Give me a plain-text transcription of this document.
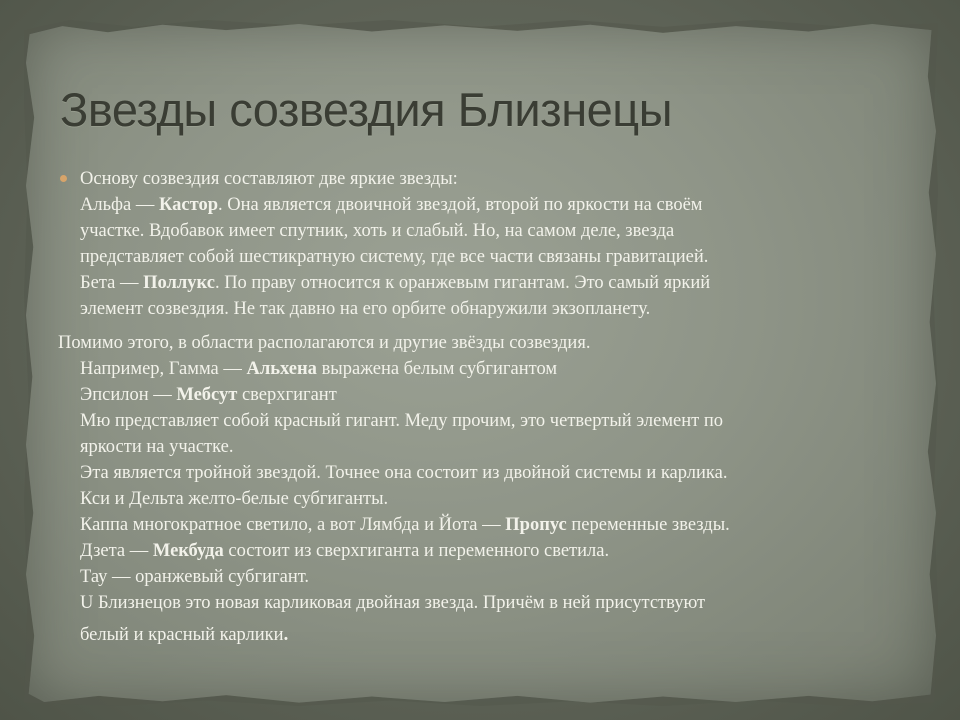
Звезды созвездия Близнецы
Основу созвездия составляют две яркие звезды:
Альфа — Кастор. Она является двоичной звездой, второй по яркости на своём
участке. Вдобавок имеет спутник, хоть и слабый. Но, на самом деле, звезда
представляет собой шестикратную систему, где все части связаны гравитацией.
Бета — Поллукс. По праву относится к оранжевым гигантам. Это самый яркий
элемент созвездия. Не так давно на его орбите обнаружили экзопланету.
Помимо этого, в области располагаются и другие звёзды созвездия.
Например, Гамма — Альхена выражена белым субгигантом
Эпсилон — Мебсут сверхгигант
Мю представляет собой красный гигант. Меду прочим, это четвертый элемент по
яркости на участке.
Эта является тройной звездой. Точнее она состоит из двойной системы и карлика.
Кси и Дельта желто-белые субгиганты.
Каппа многократное светило, а вот Лямбда и Йота — Пропус переменные звезды.
Дзета — Мекбуда состоит из сверхгиганта и переменного светила.
Тау — оранжевый субгигант.
U Близнецов это новая карликовая двойная звезда. Причём в ней присутствуют
белый и красный карлики.
